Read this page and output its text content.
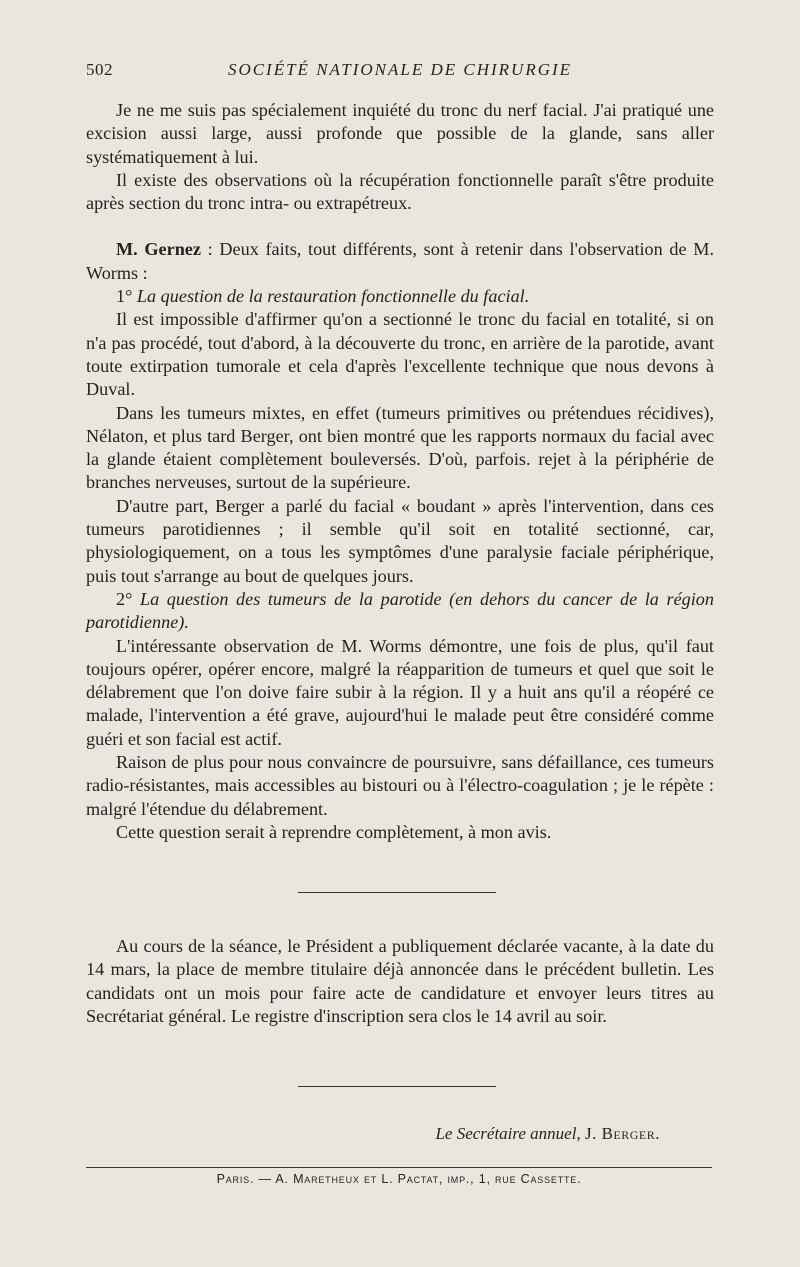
502	SOCIÉTÉ NATIONALE DE CHIRURGIE

Je ne me suis pas spécialement inquiété du tronc du nerf facial. J'ai pratiqué une excision aussi large, aussi profonde que possible de la glande, sans aller systématiquement à lui.

Il existe des observations où la récupération fonctionnelle paraît s'être produite après section du tronc intra- ou extrapétreux.

M. Gernez : Deux faits, tout différents, sont à retenir dans l'observation de M. Worms :

1° La question de la restauration fonctionnelle du facial.

Il est impossible d'affirmer qu'on a sectionné le tronc du facial en totalité, si on n'a pas procédé, tout d'abord, à la découverte du tronc, en arrière de la parotide, avant toute extirpation tumorale et cela d'après l'excellente technique que nous devons à Duval.

Dans les tumeurs mixtes, en effet (tumeurs primitives ou prétendues récidives), Nélaton, et plus tard Berger, ont bien montré que les rapports normaux du facial avec la glande étaient complètement bouleversés. D'où, parfois. rejet à la périphérie de branches nerveuses, surtout de la supérieure.

D'autre part, Berger a parlé du facial « boudant » après l'intervention, dans ces tumeurs parotidiennes ; il semble qu'il soit en totalité sectionné, car, physiologiquement, on a tous les symptômes d'une paralysie faciale périphérique, puis tout s'arrange au bout de quelques jours.

2° La question des tumeurs de la parotide (en dehors du cancer de la région parotidienne).

L'intéressante observation de M. Worms démontre, une fois de plus, qu'il faut toujours opérer, opérer encore, malgré la réapparition de tumeurs et quel que soit le délabrement que l'on doive faire subir à la région. Il y a huit ans qu'il a réopéré ce malade, l'intervention a été grave, aujourd'hui le malade peut être considéré comme guéri et son facial est actif.

Raison de plus pour nous convaincre de poursuivre, sans défaillance, ces tumeurs radio-résistantes, mais accessibles au bistouri ou à l'électro-coagulation ; je le répète : malgré l'étendue du délabrement.

Cette question serait à reprendre complètement, à mon avis.

Au cours de la séance, le Président a publiquement déclarée vacante, à la date du 14 mars, la place de membre titulaire déjà annoncée dans le précédent bulletin. Les candidats ont un mois pour faire acte de candidature et envoyer leurs titres au Secrétariat général. Le registre d'inscription sera clos le 14 avril au soir.

Le Secrétaire annuel, J. Berger.
Paris. — A. Maretheux et L. Pactat, imp., 1, rue Cassette.
